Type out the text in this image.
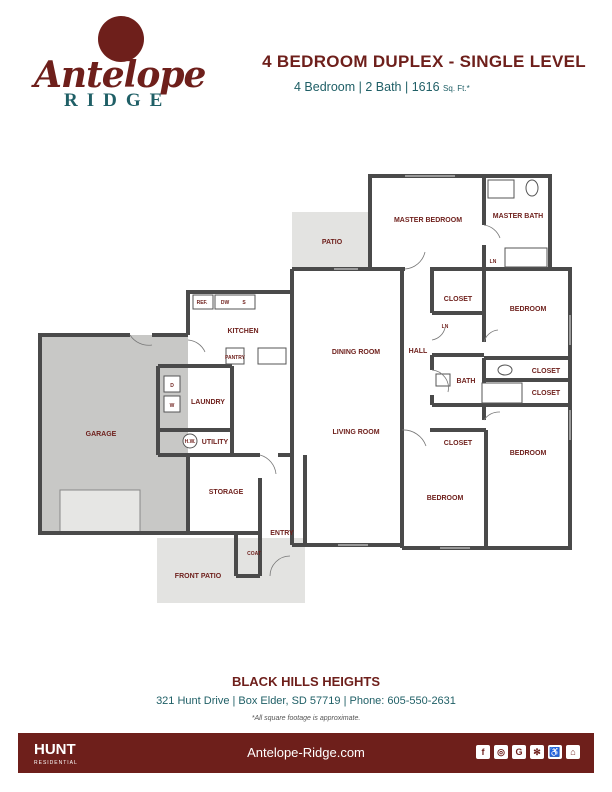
Antelope
RIDGE
4 BEDROOM DUPLEX - SINGLE LEVEL
4 Bedroom | 2 Bath | 1616 Sq. Ft.*
MASTER BEDROOM
MASTER BATH
PATIO
LN
CLOSET
BEDROOM
REF.	DW	S
KITCHEN
PANTRY
DINING ROOM	HALL
LN
BATH
CLOSET
CLOSET
GARAGE
D
W LAUNDRY
H.W. UTILITY
LIVING ROOM
CLOSET
BEDROOM
STORAGE
BEDROOM
ENTRY
COAT
FRONT PATIO
BLACK HILLS HEIGHTS
321 Hunt Drive | Box Elder, SD 57719 | Phone: 605-550-2631
*All square footage is approximate.
HUNT
RESIDENTIAL
Antelope-Ridge.com	f	◎	G	✻ ♿	⌂
